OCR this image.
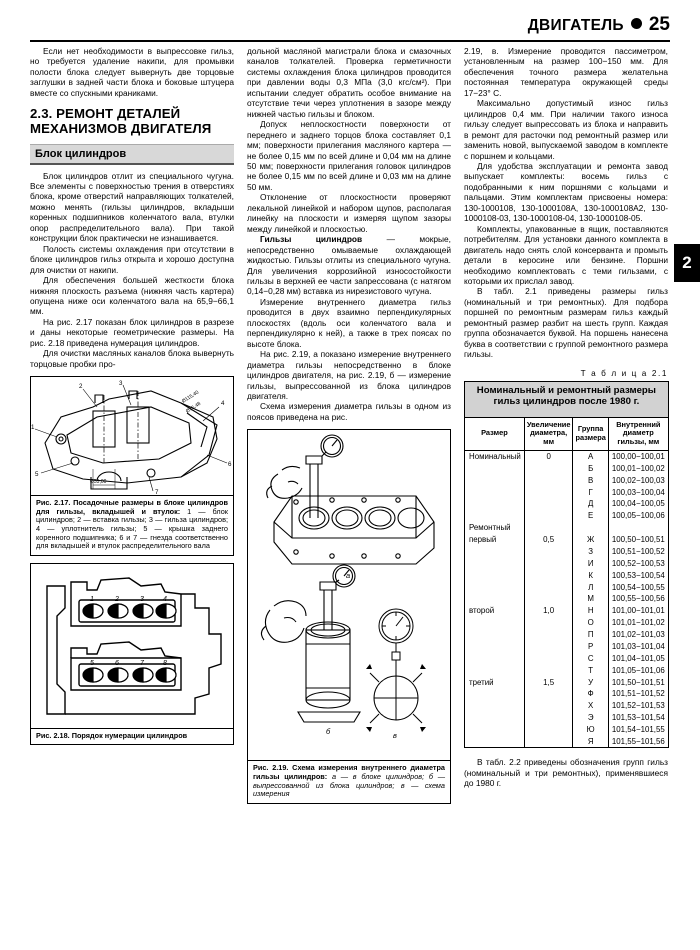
ДВИГАТЕЛЬ 25
2

Если нет необходимости в выпрессовке гильз, но требуется удаление накипи, для промывки полости блока следует вывернуть две торцовые заглушки в задней части блока и боковые штуцера вместе со спускными краниками.

2.3. РЕМОНТ ДЕТАЛЕЙ МЕХАНИЗМОВ ДВИГАТЕЛЯ
Блок цилиндров

Блок цилиндров отлит из специального чугуна. Все элементы с поверхностью трения в отверстиях блока, кроме отверстий направляющих толкателей, можно менять (гильзы цилиндров, вкладыши коренных подшипников коленчатого вала, втулки опор распределительного вала). При такой конструкции блок практически не изнашивается.

Полость системы охлаждения при отсутствии в блоке цилиндров гильз открыта и хорошо доступна для очистки от накипи.

Для обеспечения большей жесткости блока нижняя плоскость разъема (нижняя часть картера) опущена ниже оси коленчатого вала на 65,9−66,1 мм.

На рис. 2.17 показан блок цилиндров в разрезе и даны некоторые геометрические размеры. На рис. 2.18 приведена нумерация цилиндров.

Для очистки масляных каналов блока вывернуть торцовые пробки про-

1
2	3
4
5
6
7
Ø115,40
Ø75,48
Ø55,00
Рис. 2.17. Посадочные размеры в блоке цилиндров для гильзы, вкладышей и втулок: 1 — блок цилиндров; 2 — вставка гильзы; 3 — гильза цилиндров; 4 — уплотнитель гильзы; 5 — крышка заднего коренного подшипника; 6 и 7 — гнезда соответственно для вкладышей и втулок распределительного вала
1	2	3	4
5	6	7	8
Рис. 2.18. Порядок нумерации цилиндров

дольной масляной магистрали блока и смазочных каналов толкателей. Проверка герметичности системы охлаждения блока цилиндров проводится при давлении воды 0,3 МПа (3,0 кгс/см²). При испытании следует обратить особое внимание на отсутствие течи через уплотнения в зазоре между нижней частью гильзы и блоком.

Допуск неплоскостности поверхности от переднего и заднего торцов блока составляет 0,1 мм; поверхности прилегания масляного картера — не более 0,15 мм по всей длине и 0,04 мм на длине 50 мм; поверхности прилегания головок цилиндров не более 0,15 мм по всей длине и 0,03 мм на длине 50 мм.

Отклонение от плоскостности проверяют лекальной линейкой и набором щупов, располагая линейку на плоскости и измеряя щупом зазоры между линейкой и плоскостью.

Гильзы цилиндров — мокрые, непосредственно омываемые охлаждающей жидкостью. Гильзы отлиты из специального чугуна. Для увеличения коррозийной износостойкости гильзы в верхней ее части запрессована (с натягом 0,14−0,28 мм) вставка из нирезистового чугуна.

Измерение внутреннего диаметра гильз проводится в двух взаимно перпендикулярных плоскостях (вдоль оси коленчатого вала и перпендикулярно к ней), а также в трех поясах по высоте блока.

На рис. 2.19, а показано измерение внутреннего диаметра гильзы непосредственно в блоке цилиндров двигателя, на рис. 2.19, б — измерение гильзы, выпрессованной из блока цилиндров двигателя.

Схема измерения диаметра гильзы в одном из поясов приведена на рис.

а
б	в
Рис. 2.19. Схема измерения внутреннего диаметра гильзы цилиндров: а — в блоке цилиндров; б — выпрессованной из блока цилиндров; в — схема измерения

2.19, в. Измерение проводится пассиметром, установленным на размер 100−150 мм. Для обеспечения точного размера желательна постоянная температура окружающей среды 17−23° С.

Максимально допустимый износ гильз цилиндров 0,4 мм. При наличии такого износа гильзу следует выпрессовать из блока и направить в ремонт для расточки под ремонтный размер или заменить новой, выпускаемой заводом в комплекте с поршнем и кольцами.

Для удобства эксплуатации и ремонта завод выпускает комплекты: восемь гильз с подобранными к ним поршнями с кольцами и пальцами. Этим комплектам присвоены номера: 130-1000108, 130-1000108А, 130-1000108А2, 130-1000108-03, 130-1000108-04, 130-1000108-05.

Комплекты, упакованные в ящик, поставляются потребителям. Для установки данного комплекта в двигатель надо снять слой консерванта и промыть детали в керосине или бензине. Поршни необходимо комплектовать с теми гильзами, с которыми их прислал завод.

В табл. 2.1 приведены размеры гильз (номинальный и три ремонтных). Для подбора поршней по ремонтным размерам гильз каждый ремонтный размер разбит на шесть групп. Каждая группа обозначается буквой. На поршень нанесена буква в соответствии с группой ремонтного размера гильзы.

Т а б л и ц а 2.1
Номинальный и ремонтный размеры
гильз цилиндров после 1980 г.			

Размер	Увеличение диаметра, мм	Группа размера	Внутренний диаметр гильзы, мм
Номинальный	0	А	100,00−100,01
		Б	100,01−100,02
		В	100,02−100,03
		Г	100,03−100,04
		Д	100,04−100,05
		Е	100,05−100,06
Ремонтный			
первый	0,5	Ж	100,50−100,51
		З	100,51−100,52
		И	100,52−100,53
		К	100,53−100,54
		Л	100,54−100,55
		М	100,55−100,56
второй	1,0	Н	101,00−101,01
		О	101,01−101,02
		П	101,02−101,03
		Р	101,03−101,04
		С	101,04−101,05
		Т	101,05−101,06
третий	1,5	У	101,50−101,51
		Ф	101,51−101,52
		Х	101,52−101,53
		Э	101,53−101,54
		Ю	101,54−101,55
		Я	101,55−101,56

В табл. 2.2 приведены обозначения групп гильз (номинальный и три ремонтных), применявшиеся до 1980 г.
